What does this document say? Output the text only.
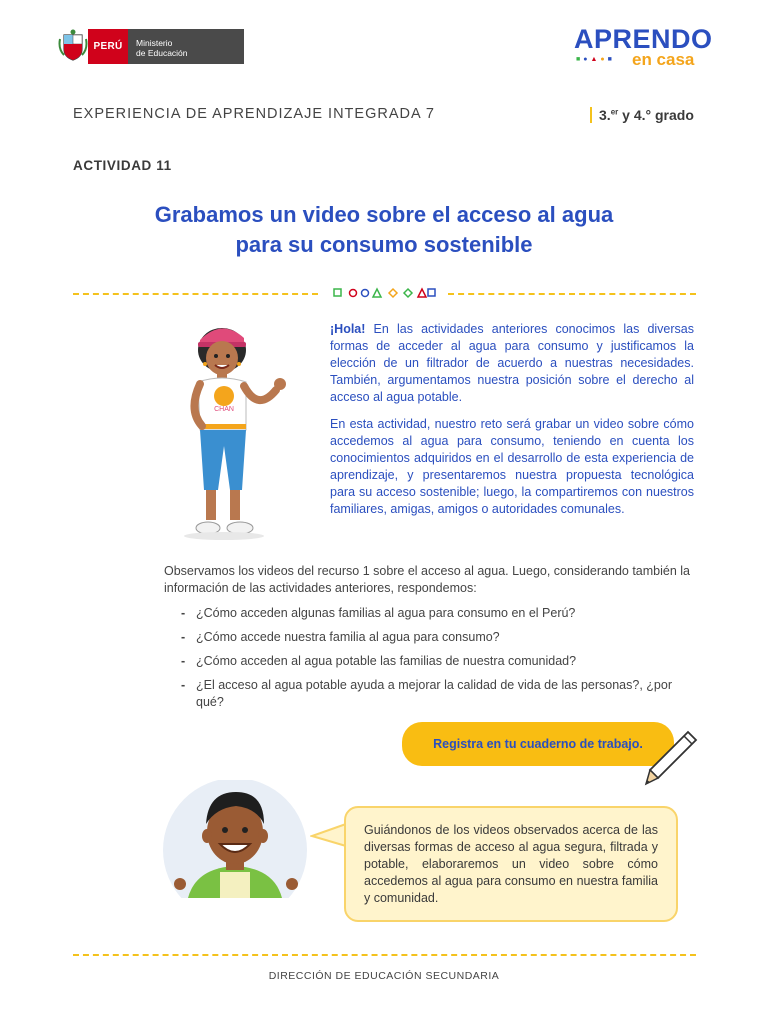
PERÚ	Ministerio
de Educación	APRENDO
■●▲●■ en casa
EXPERIENCIA DE APRENDIZAJE INTEGRADA 7	3.$^{er}$ y 4.° grado
ACTIVIDAD 11
Grabamos un video sobre el acceso al agua
para su consumo sostenible
CHAN

¡Hola! En las actividades anteriores conocimos las diversas formas de acceder al agua para consumo y justificamos la elección de un filtrador de acuerdo a nuestras necesidades. También, argumentamos nuestra posición sobre el derecho al acceso al agua potable.

En esta actividad, nuestro reto será grabar un video sobre cómo accedemos al agua para consumo, teniendo en cuenta los conocimientos adquiridos en el desarrollo de esta experiencia de aprendizaje, y presentaremos nuestra propuesta tecnológica para su acceso sostenible; luego, la compartiremos con nuestros familiares, amigas, amigos o autoridades comunales.

Observamos los videos del recurso 1 sobre el acceso al agua. Luego, considerando también la información de las actividades anteriores, respondemos:
- ¿Cómo acceden algunas familias al agua para consumo en el Perú?
- ¿Cómo accede nuestra familia al agua para consumo?
- ¿Cómo acceden al agua potable las familias de nuestra comunidad?
- ¿El acceso al agua potable ayuda a mejorar la calidad de vida de las personas?, ¿por qué?
Registra en tu cuaderno de trabajo.
Guiándonos de los videos observados acerca de las diversas formas de acceso al agua segura, filtrada y potable, elaboraremos un video sobre cómo accedemos al agua para consumo en nuestra familia y comunidad.
DIRECCIÓN DE EDUCACIÓN SECUNDARIA
